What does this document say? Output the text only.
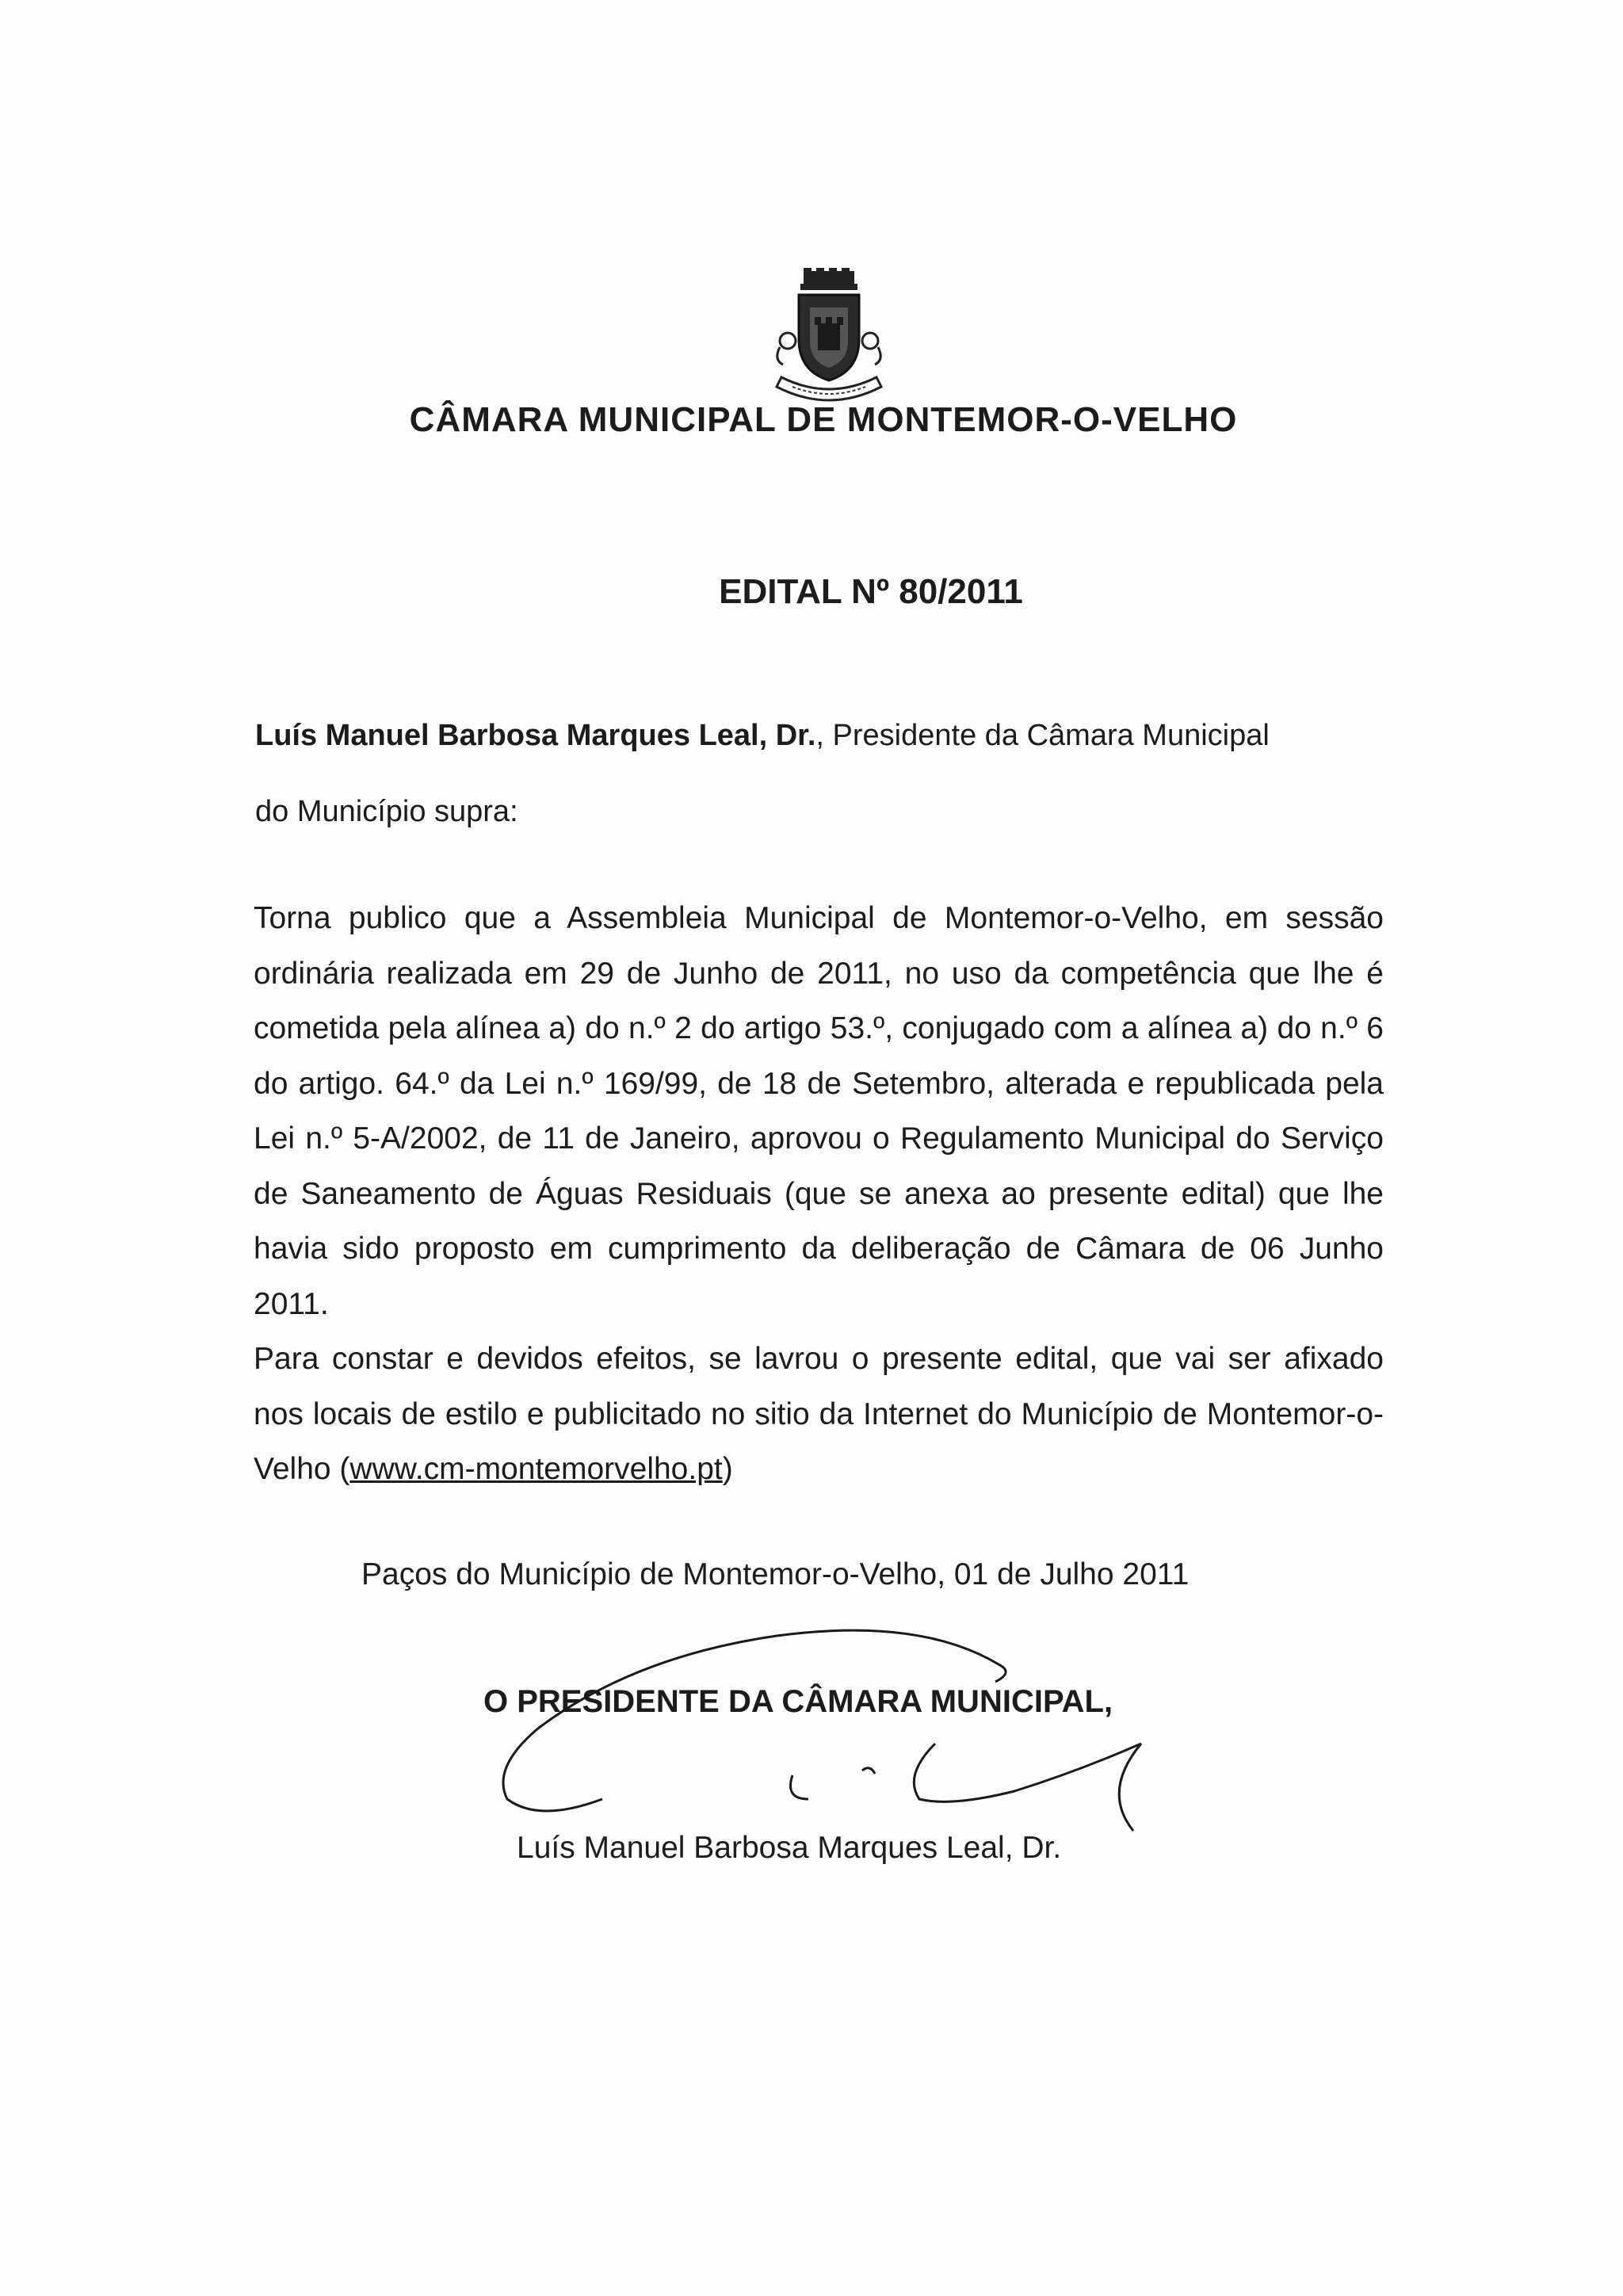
CÂMARA MUNICIPAL DE MONTEMOR-O-VELHO
EDITAL Nº 80/2011
Luís Manuel Barbosa Marques Leal, Dr., Presidente da Câmara Municipal
do Município supra:

Torna publico que a Assembleia Municipal de Montemor-o-Velho, em sessão ordinária realizada em 29 de Junho de 2011, no uso da competência que lhe é cometida pela alínea a) do n.º 2 do artigo 53.º, conjugado com a alínea a) do n.º 6 do artigo. 64.º da Lei n.º 169/99, de 18 de Setembro, alterada e republicada pela Lei n.º 5-A/2002, de 11 de Janeiro, aprovou o Regulamento Municipal do Serviço de Saneamento de Águas Residuais (que se anexa ao presente edital) que lhe havia sido proposto em cumprimento da deliberação de Câmara de 06 Junho 2011.

Para constar e devidos efeitos, se lavrou o presente edital, que vai ser afixado nos locais de estilo e publicitado no sitio da Internet do Município de Montemor-o-Velho (www.cm-montemorvelho.pt)

Paços do Município de Montemor-o-Velho, 01 de Julho 2011
O PRESIDENTE DA CÂMARA MUNICIPAL,
Luís Manuel Barbosa Marques Leal, Dr.
